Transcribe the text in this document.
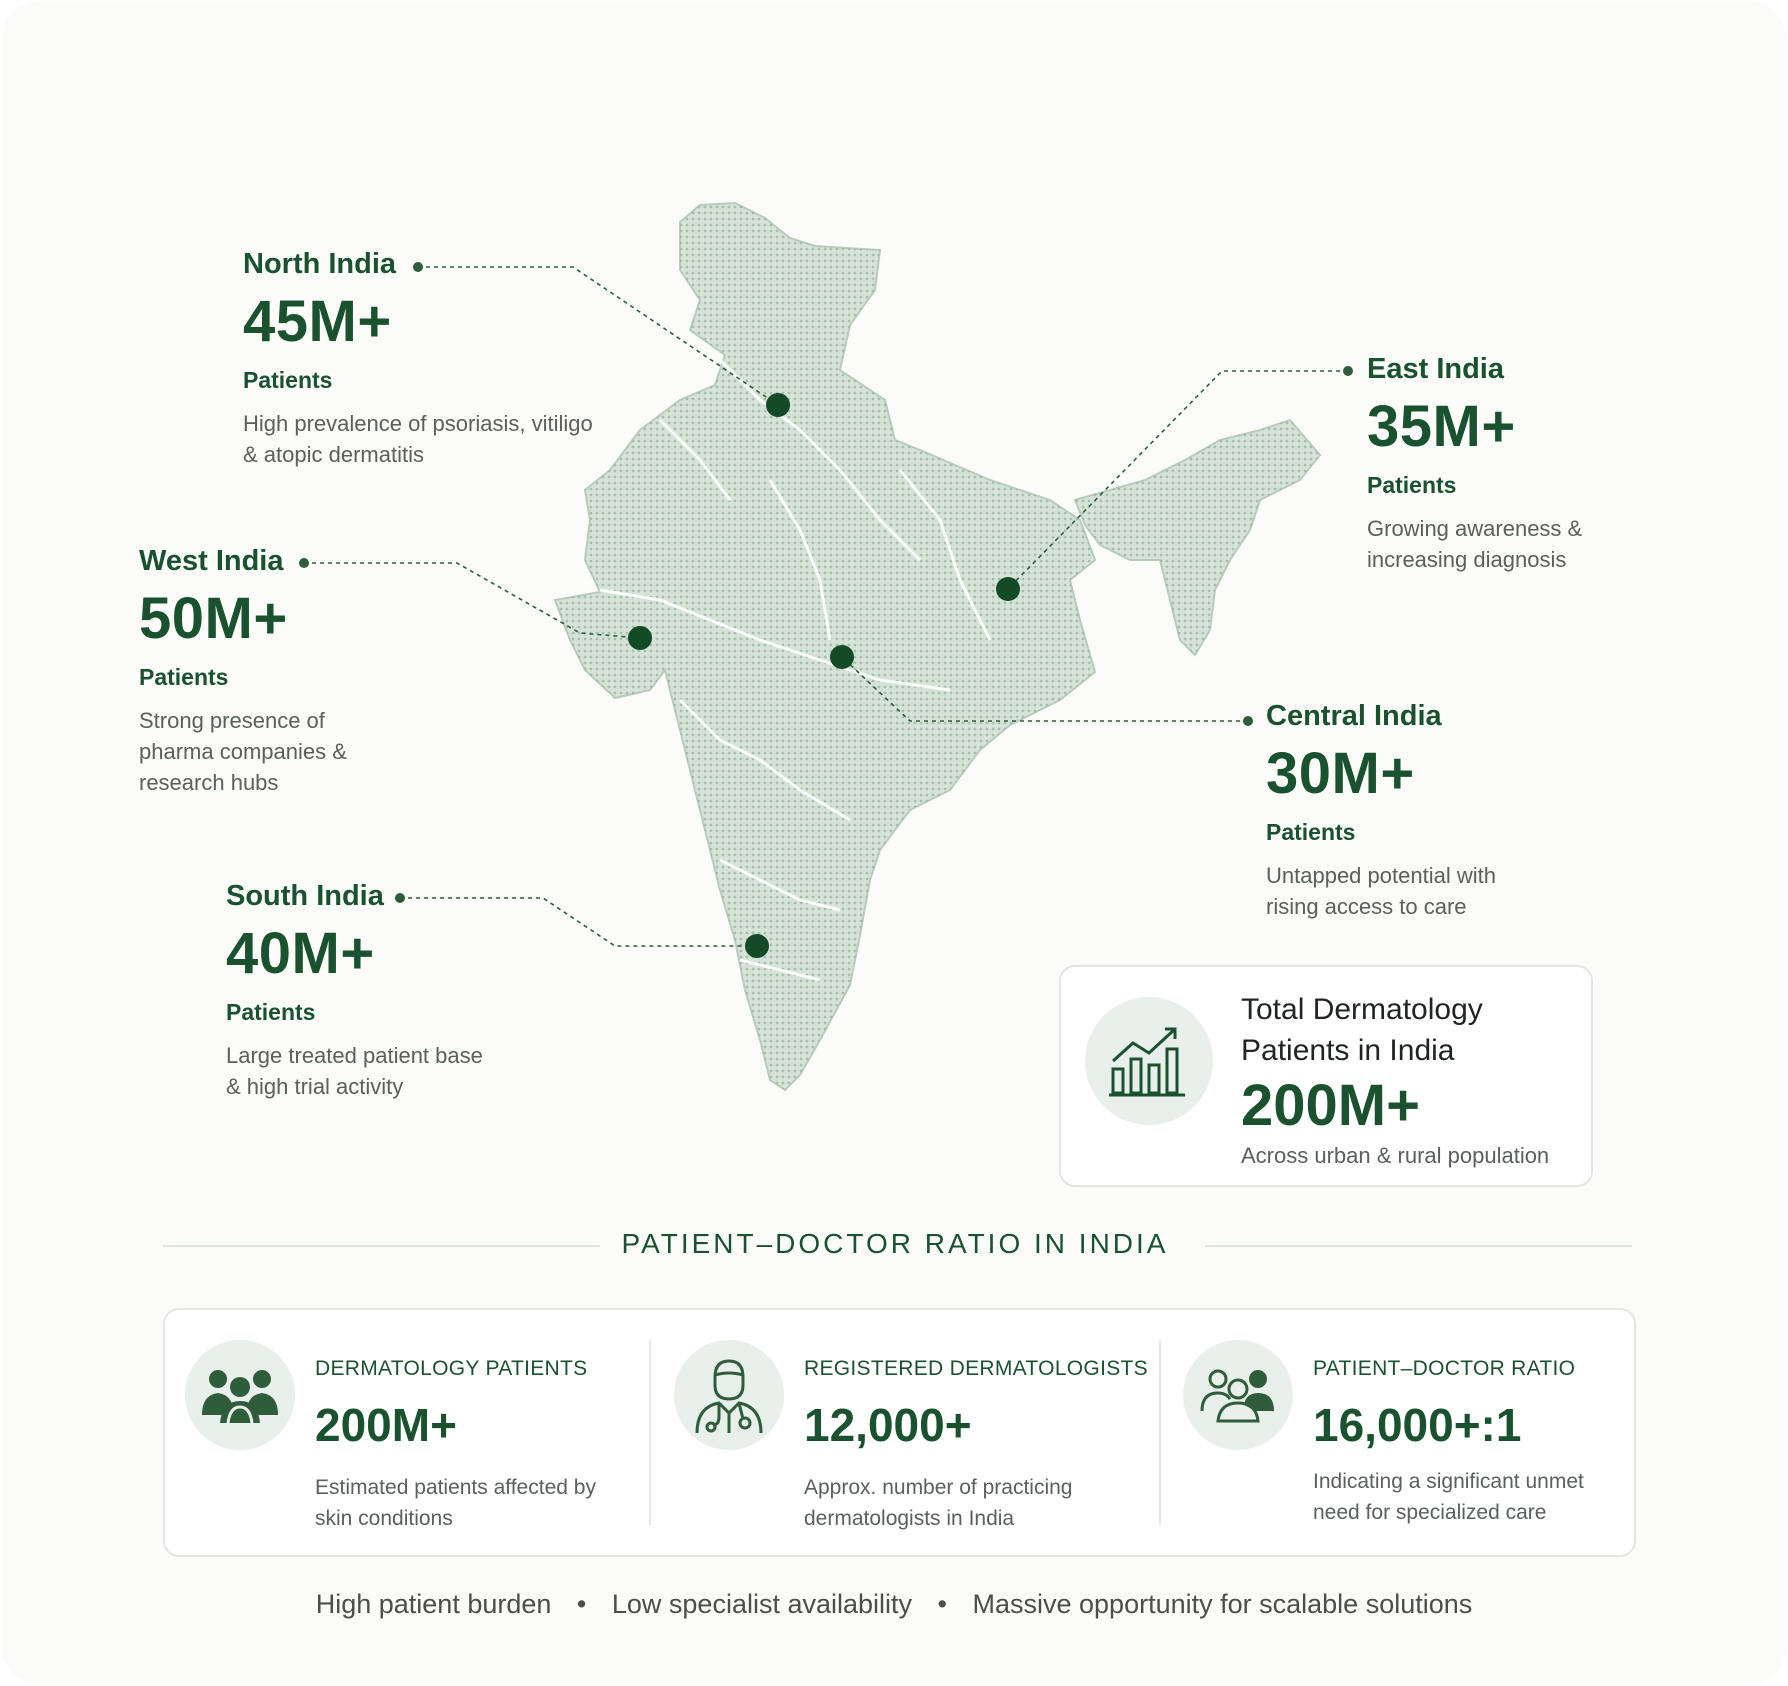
North India
45M+
Patients
High prevalence of psoriasis, vitiligo & atopic dermatitis
West India
50M+
Patients
Strong presence of pharma companies & research hubs
South India
40M+
Patients
Large treated patient base & high trial activity
East India
35M+
Patients
Growing awareness & increasing diagnosis
Central India
30M+
Patients
Untapped potential with rising access to care
Total Dermatology Patients in India
200M+
Across urban & rural population
PATIENT–DOCTOR RATIO IN INDIA
DERMATOLOGY PATIENTS
200M+
Estimated patients affected by skin conditions
REGISTERED DERMATOLOGISTS
12,000+
Approx. number of practicing dermatologists in India
PATIENT–DOCTOR RATIO
16,000+:1
Indicating a significant unmet need for specialized care
High patient burden • Low specialist availability • Massive opportunity for scalable solutions
